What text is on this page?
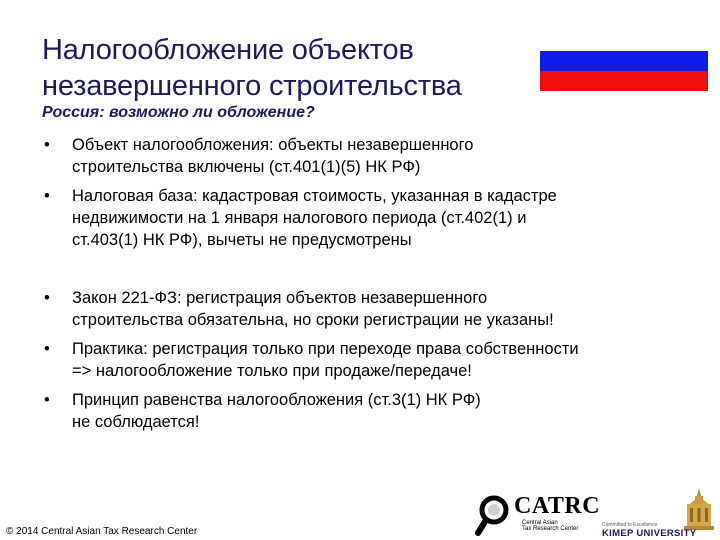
Налогообложение объектов
незавершенного строительства
Россия: возможно ли обложение?
• Объект налогообложения: объекты незавершенного
строительства включены (ст.401(1)(5) НК РФ)
• Налоговая база: кадастровая стоимость, указанная в кадастре
недвижимости на 1 января налогового периода (ст.402(1) и
ст.403(1) НК РФ), вычеты не предусмотрены
• Закон 221-ФЗ: регистрация объектов незавершенного
строительства обязательна, но сроки регистрации не указаны!
• Практика: регистрация только при переходе права собственности
=> налогообложение только при продаже/передаче!
• Принцип равенства налогообложения (ст.3(1) НК РФ)
не соблюдается!
© 2014 Central Asian Tax Research Center
CATRC
Central Asian
Tax Research Center
Committed to Excellence
KIMEP UNIVERSITY
